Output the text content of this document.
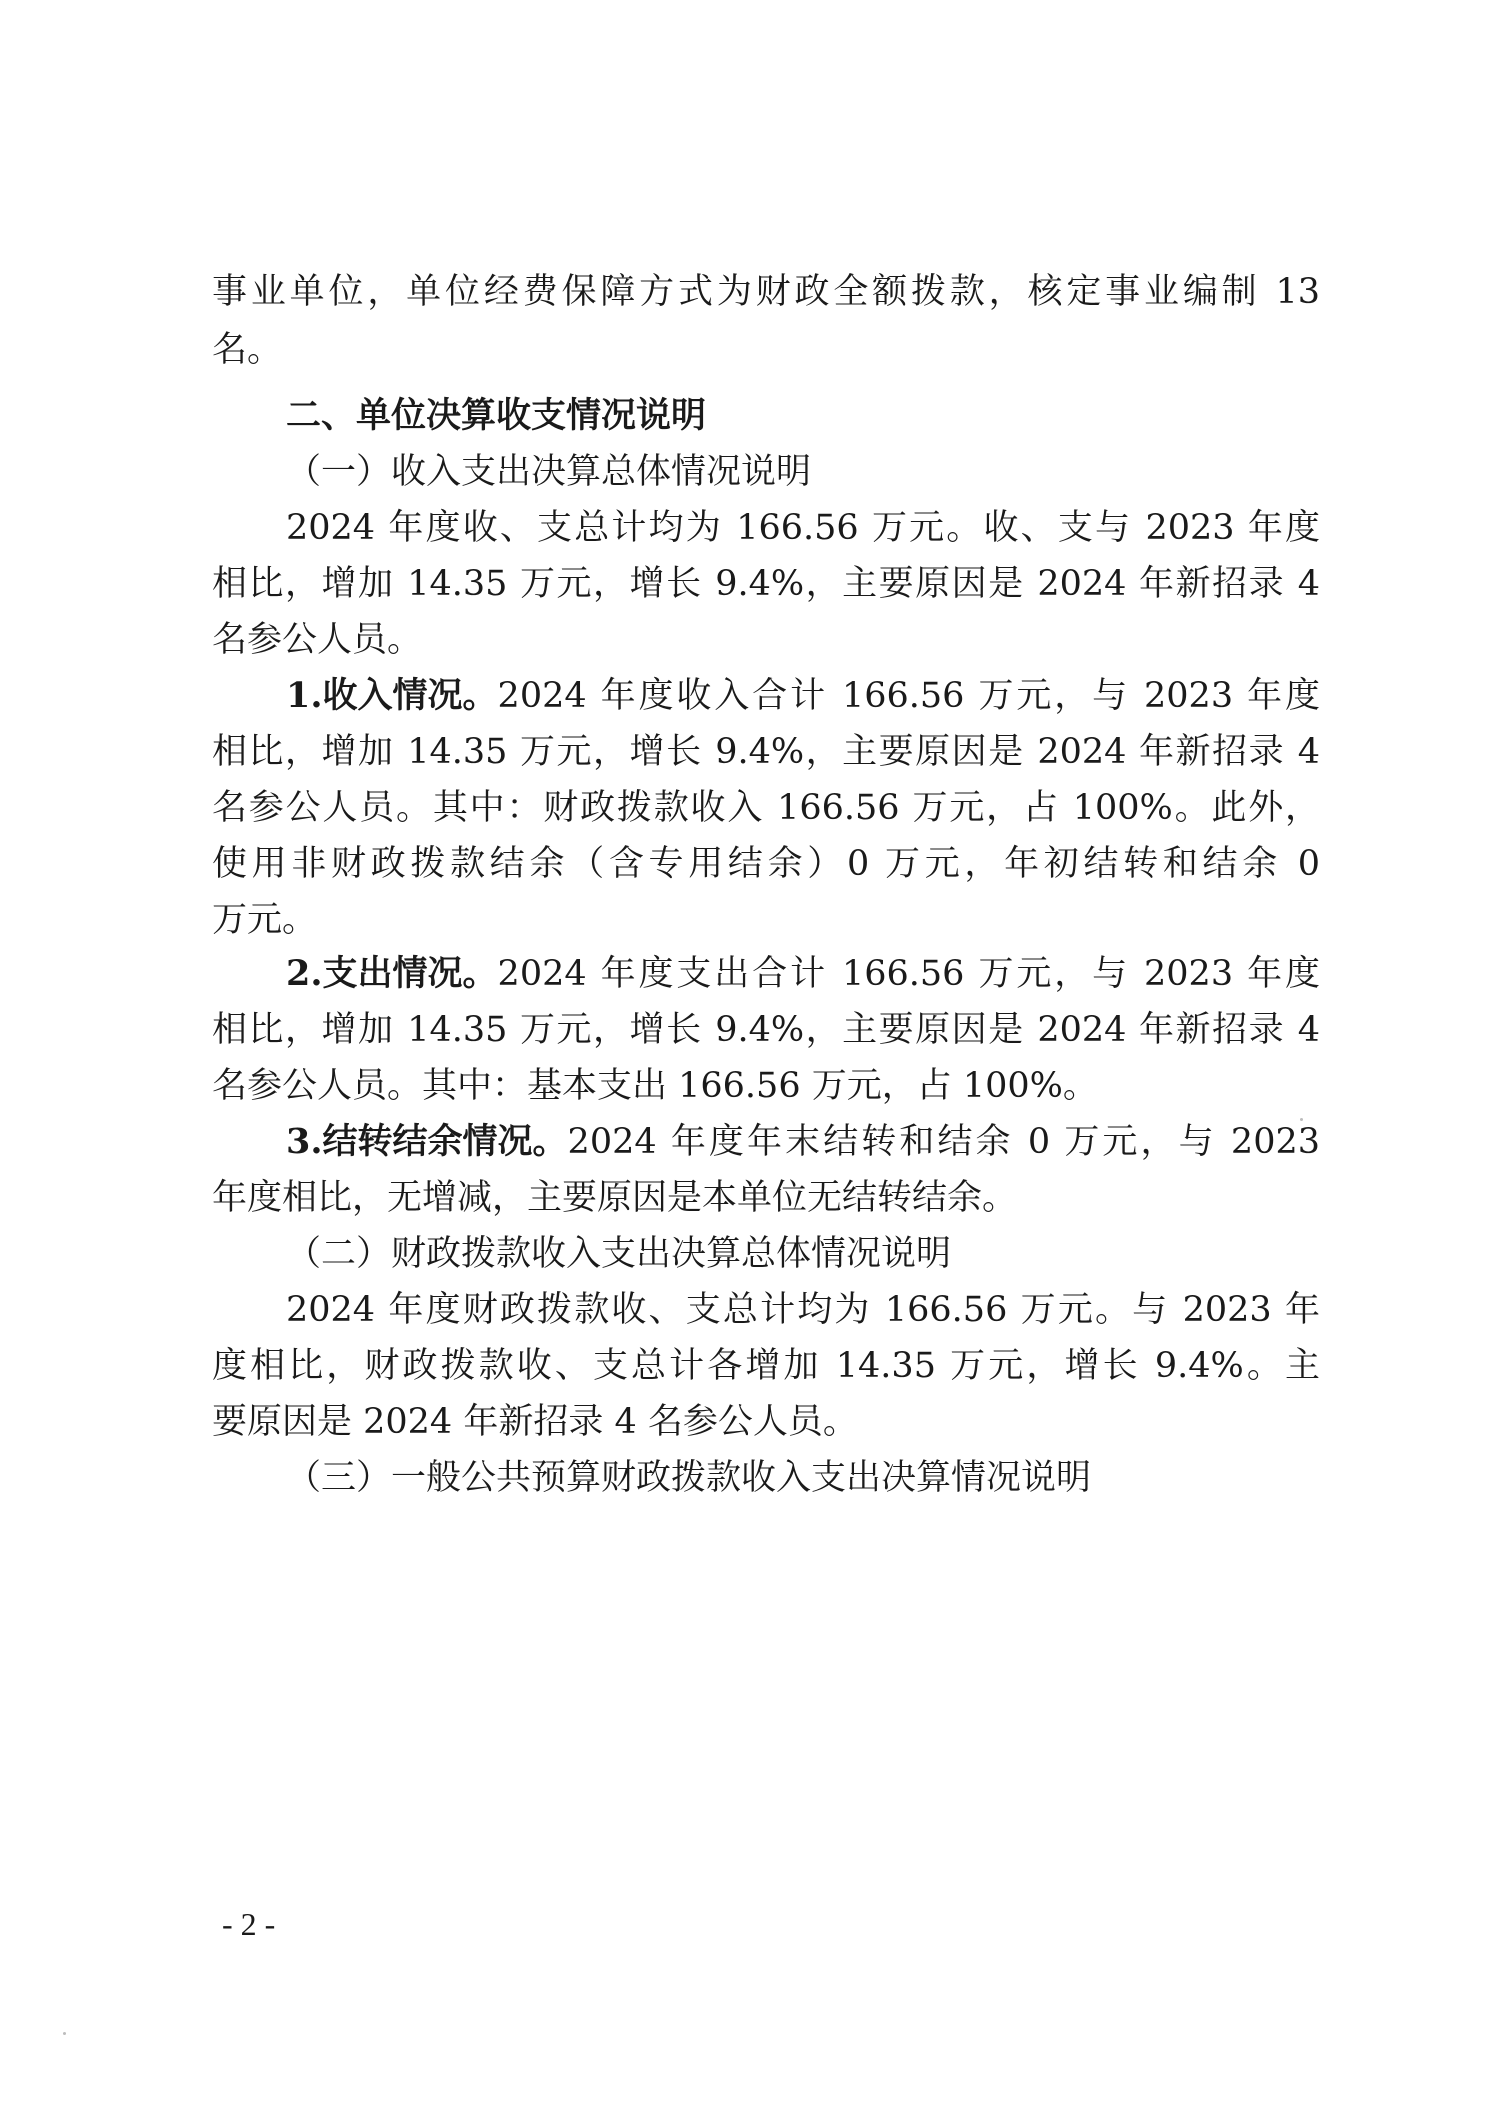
事业单位，单位经费保障方式为财政全额拨款，核定事业编制 13
名。
二、单位决算收支情况说明
（一）收入支出决算总体情况说明
2024 年度收、支总计均为 166.56 万元。收、支与 2023 年度
相比，增加 14.35 万元，增长 9.4%，主要原因是 2024 年新招录 4
名参公人员。
1.收入情况。 2024 年度收入合计 166.56 万元，与 2023 年度
相比，增加 14.35 万元，增长 9.4%，主要原因是 2024 年新招录 4
名参公人员。其中：财政拨款收入 166.56 万元，占 100%。此外，
使用非财政拨款结余（含专用结余）0 万元，年初结转和结余 0
万元。
2.支出情况。 2024 年度支出合计 166.56 万元，与 2023 年度
相比，增加 14.35 万元，增长 9.4%，主要原因是 2024 年新招录 4
名参公人员。其中：基本支出 166.56 万元，占 100%。
3.结转结余情况。 2024 年度年末结转和结余 0 万元，与 2023
年度相比，无增减，主要原因是本单位无结转结余。
（二）财政拨款收入支出决算总体情况说明
2024 年度财政拨款收、支总计均为 166.56 万元。与 2023 年
度相比，财政拨款收、支总计各增加 14.35 万元，增长 9.4%。主
要原因是 2024 年新招录 4 名参公人员。
（三）一般公共预算财政拨款收入支出决算情况说明
- 2 -
